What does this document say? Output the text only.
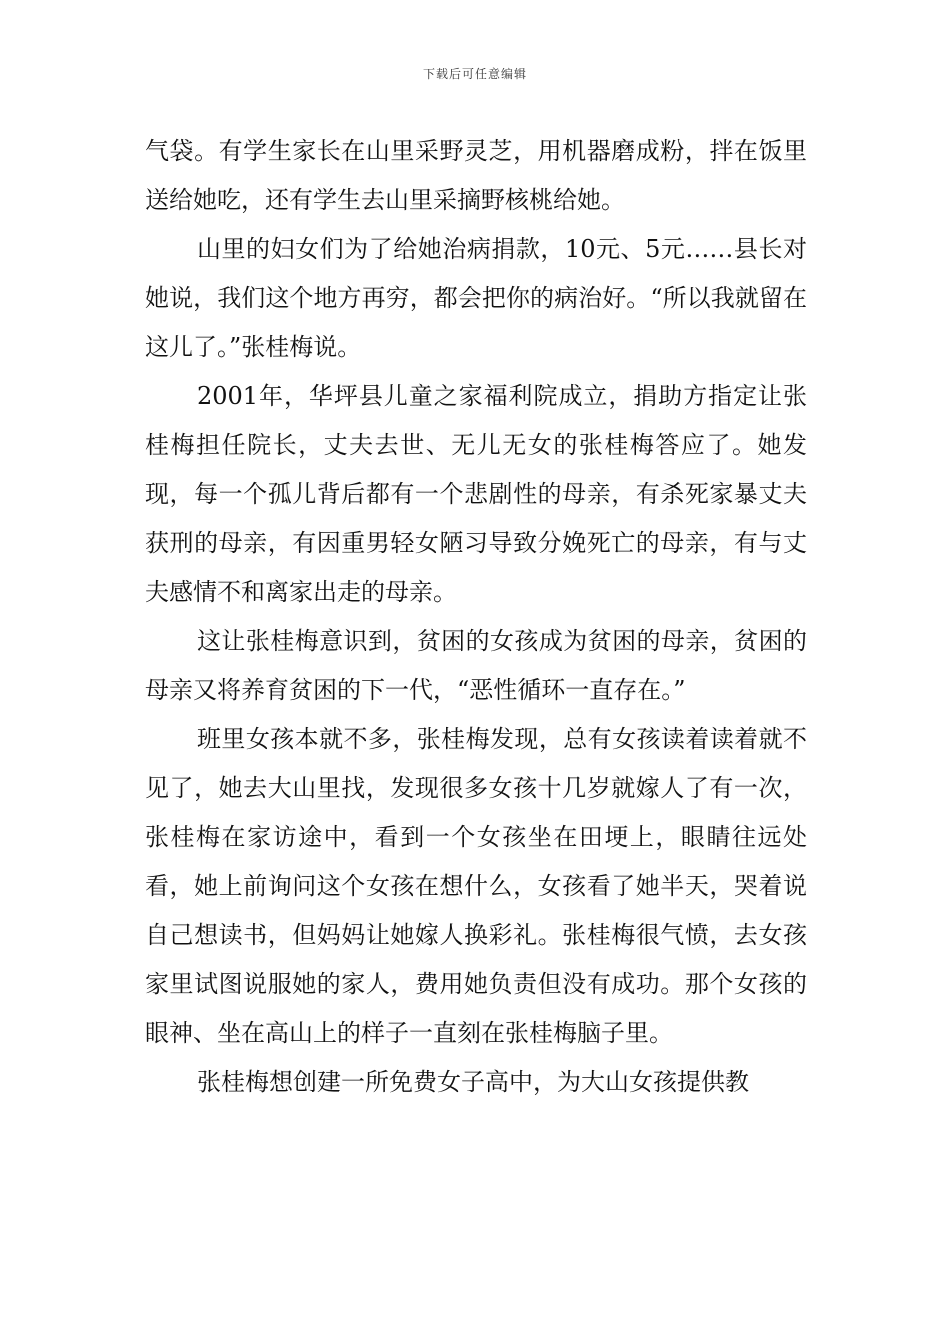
下载后可任意编辑

气袋。有学生家长在山里采野灵芝，用机器磨成粉，拌在饭里送给她吃，还有学生去山里采摘野核桃给她。

山里的妇女们为了给她治病捐款，10元、5元……县长对她说，我们这个地方再穷，都会把你的病治好。“所以我就留在这儿了。”张桂梅说。

2001年，华坪县儿童之家福利院成立，捐助方指定让张桂梅担任院长，丈夫去世、无儿无女的张桂梅答应了。她发现，每一个孤儿背后都有一个悲剧性的母亲，有杀死家暴丈夫获刑的母亲，有因重男轻女陋习导致分娩死亡的母亲，有与丈夫感情不和离家出走的母亲。

这让张桂梅意识到，贫困的女孩成为贫困的母亲，贫困的母亲又将养育贫困的下一代，“恶性循环一直存在。”

班里女孩本就不多，张桂梅发现，总有女孩读着读着就不见了，她去大山里找，发现很多女孩十几岁就嫁人了有一次，张桂梅在家访途中，看到一个女孩坐在田埂上，眼睛往远处看，她上前询问这个女孩在想什么，女孩看了她半天，哭着说自己想读书，但妈妈让她嫁人换彩礼。张桂梅很气愤，去女孩家里试图说服她的家人，费用她负责但没有成功。那个女孩的眼神、坐在高山上的样子一直刻在张桂梅脑子里。

张桂梅想创建一所免费女子高中，为大山女孩提供教
